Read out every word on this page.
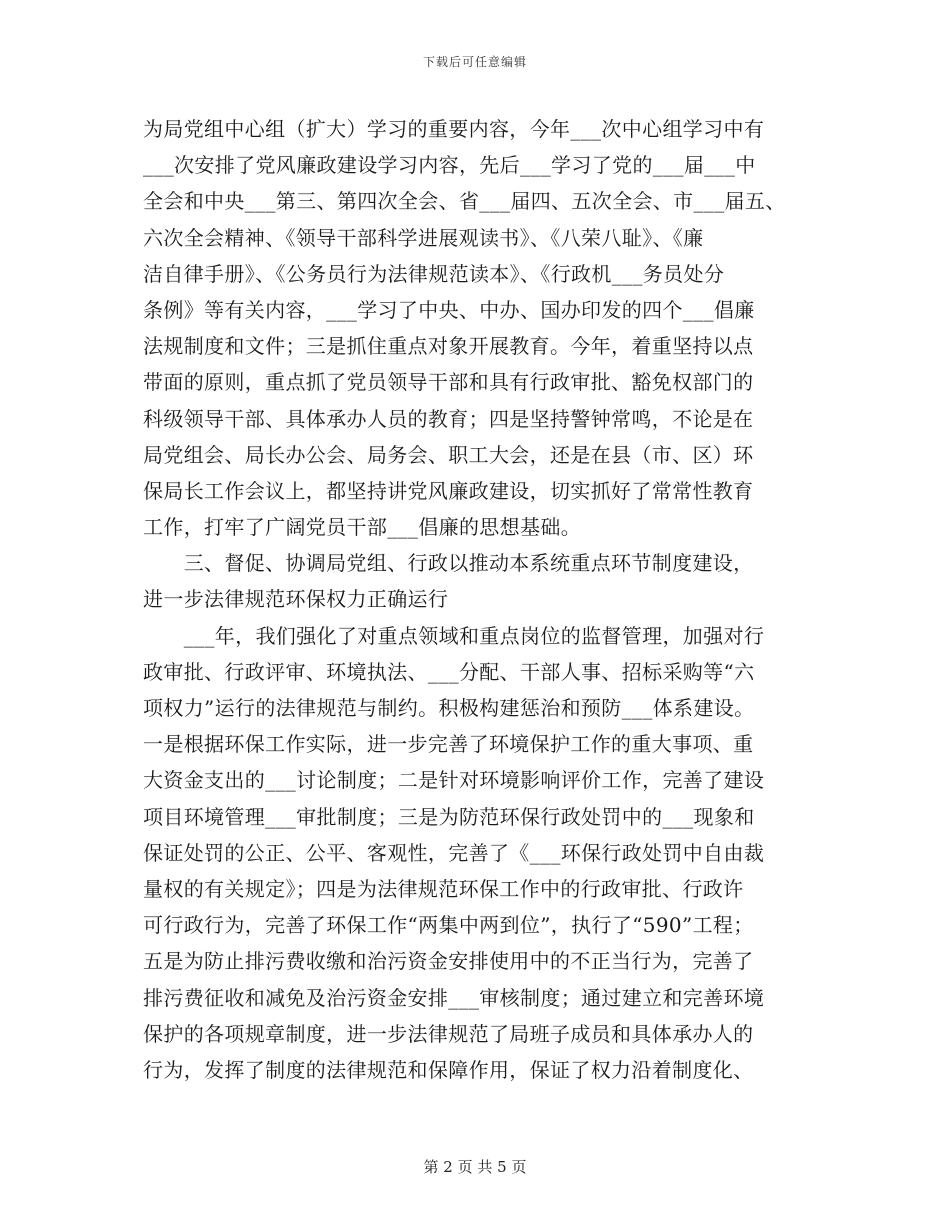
下载后可任意编辑
为局党组中心组（扩大）学习的重要内容，今年___次中心组学习中有
___次安排了党风廉政建设学习内容，先后___学习了党的___届___中
全会和中央___第三、第四次全会、省___届四、五次全会、市___届五、
六次全会精神、《领导干部科学进展观读书》、《八荣八耻》、《廉
洁自律手册》、《公务员行为法律规范读本》、《行政机___务员处分
条例》等有关内容，___学习了中央、中办、国办印发的四个___倡廉
法规制度和文件；三是抓住重点对象开展教育。今年，着重坚持以点
带面的原则，重点抓了党员领导干部和具有行政审批、豁免权部门的
科级领导干部、具体承办人员的教育；四是坚持警钟常鸣，不论是在
局党组会、局长办公会、局务会、职工大会，还是在县（市、区）环
保局长工作会议上，都坚持讲党风廉政建设，切实抓好了常常性教育
工作，打牢了广阔党员干部___倡廉的思想基础。
　　三、督促、协调局党组、行政以推动本系统重点环节制度建设，
进一步法律规范环保权力正确运行
　　___年，我们强化了对重点领域和重点岗位的监督管理，加强对行
政审批、行政评审、环境执法、___分配、干部人事、招标采购等“六
项权力”运行的法律规范与制约。积极构建惩治和预防___体系建设。
一是根据环保工作实际，进一步完善了环境保护工作的重大事项、重
大资金支出的___讨论制度；二是针对环境影响评价工作，完善了建设
项目环境管理___审批制度；三是为防范环保行政处罚中的___现象和
保证处罚的公正、公平、客观性，完善了《___环保行政处罚中自由裁
量权的有关规定》；四是为法律规范环保工作中的行政审批、行政许
可行政行为，完善了环保工作“两集中两到位”，执行了“590”工程；
五是为防止排污费收缴和治污资金安排使用中的不正当行为，完善了
排污费征收和减免及治污资金安排___审核制度；通过建立和完善环境
保护的各项规章制度，进一步法律规范了局班子成员和具体承办人的
行为，发挥了制度的法律规范和保障作用，保证了权力沿着制度化、
第 2 页 共 5 页
